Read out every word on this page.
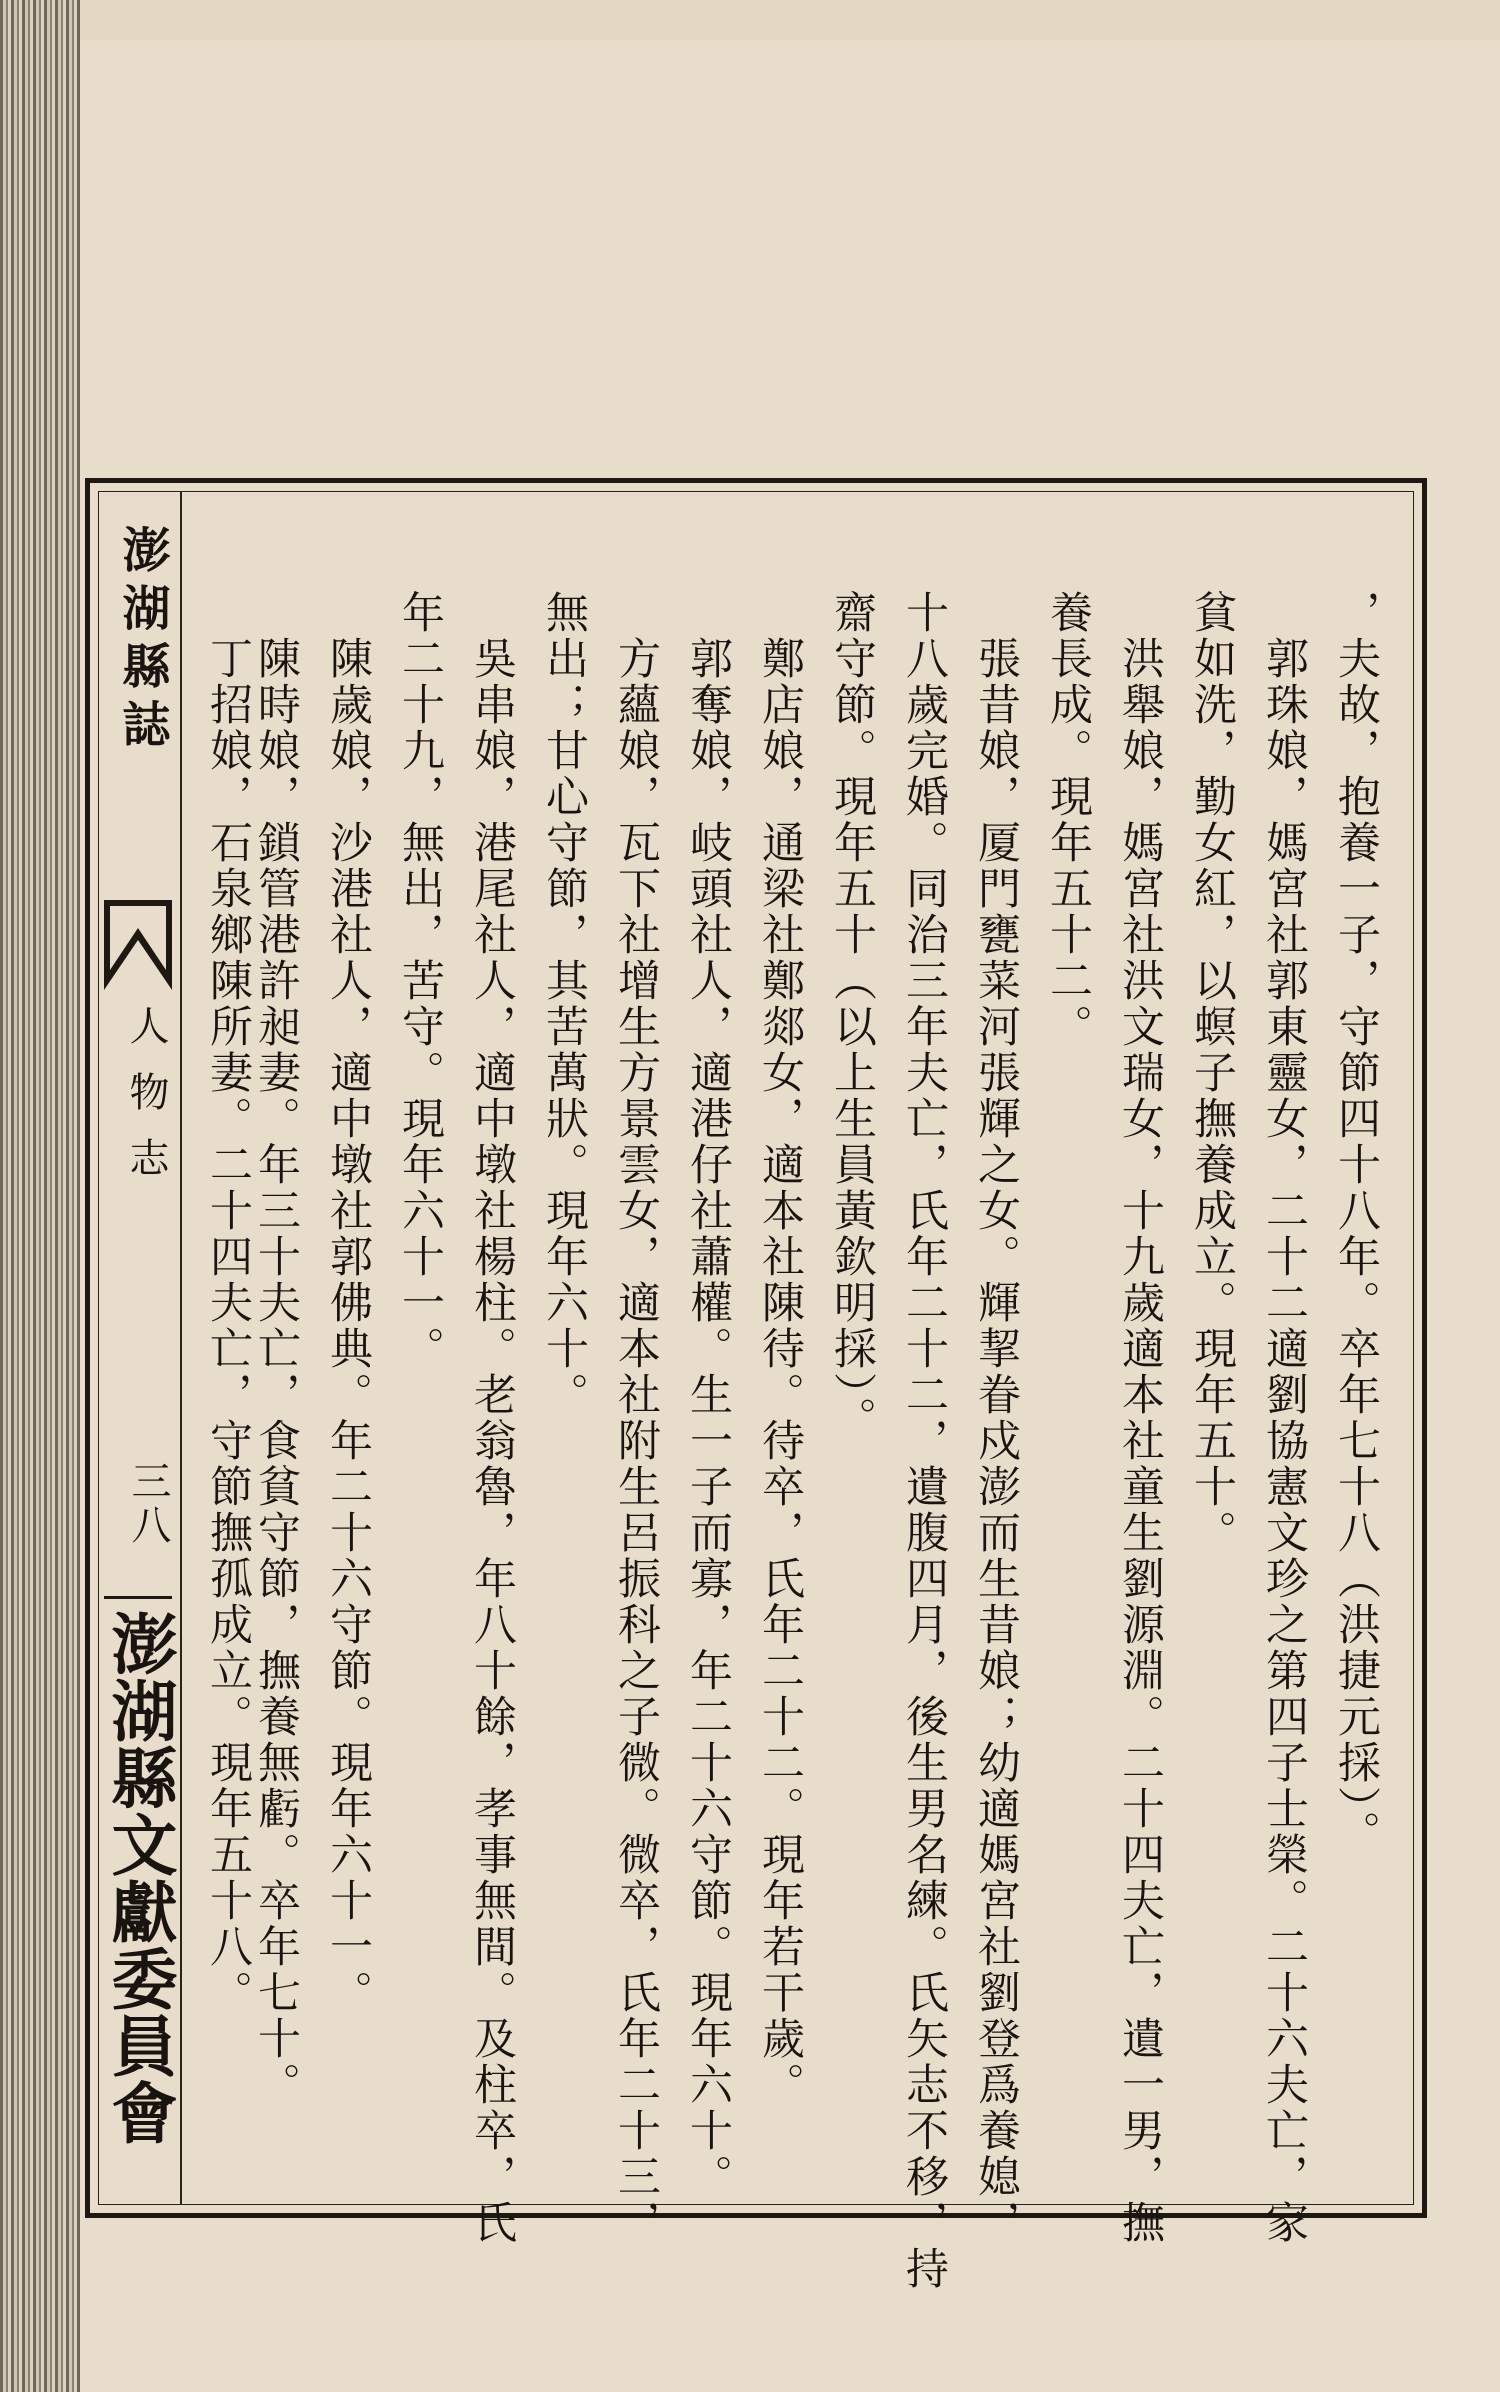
澎湖縣誌
人物志
三八
澎湖縣文獻委員會
，夫故，抱養一子，守節四十八年。卒年七十八（洪捷元採）。
　郭珠娘，媽宮社郭東靈女，二十二適劉協憲文珍之第四子士榮。二十六夫亡，家
貧如洗，勤女紅，以螟子撫養成立。現年五十。
　洪舉娘，媽宮社洪文瑞女，十九歲適本社童生劉源淵。二十四夫亡，遺一男，撫
養長成。現年五十二。
　張昔娘，厦門甕菜河張輝之女。輝挈眷戍澎而生昔娘；幼適媽宮社劉登爲養媳，
十八歲完婚。同治三年夫亡，氏年二十二，遺腹四月，後生男名練。氏矢志不移，持
齋守節。現年五十（以上生員黃欽明採）。
　鄭店娘，通梁社鄭郯女，適本社陳待。待卒，氏年二十二。現年若干歲。
　郭奪娘，岐頭社人，適港仔社蕭權。生一子而寡，年二十六守節。現年六十。
　方蘊娘，瓦下社增生方景雲女，適本社附生呂振科之子微。微卒，氏年二十三，
無出；甘心守節，其苦萬狀。現年六十。
　吳串娘，港尾社人，適中墩社楊柱。老翁魯，年八十餘，孝事無間。及柱卒，氏
年二十九，無出，苦守。現年六十一。
　陳歲娘，沙港社人，適中墩社郭佛典。年二十六守節。現年六十一。
　陳時娘，鎖管港許昶妻。年三十夫亡，食貧守節，撫養無虧。卒年七十。
　丁招娘，石泉鄉陳所妻。二十四夫亡，守節撫孤成立。現年五十八。
